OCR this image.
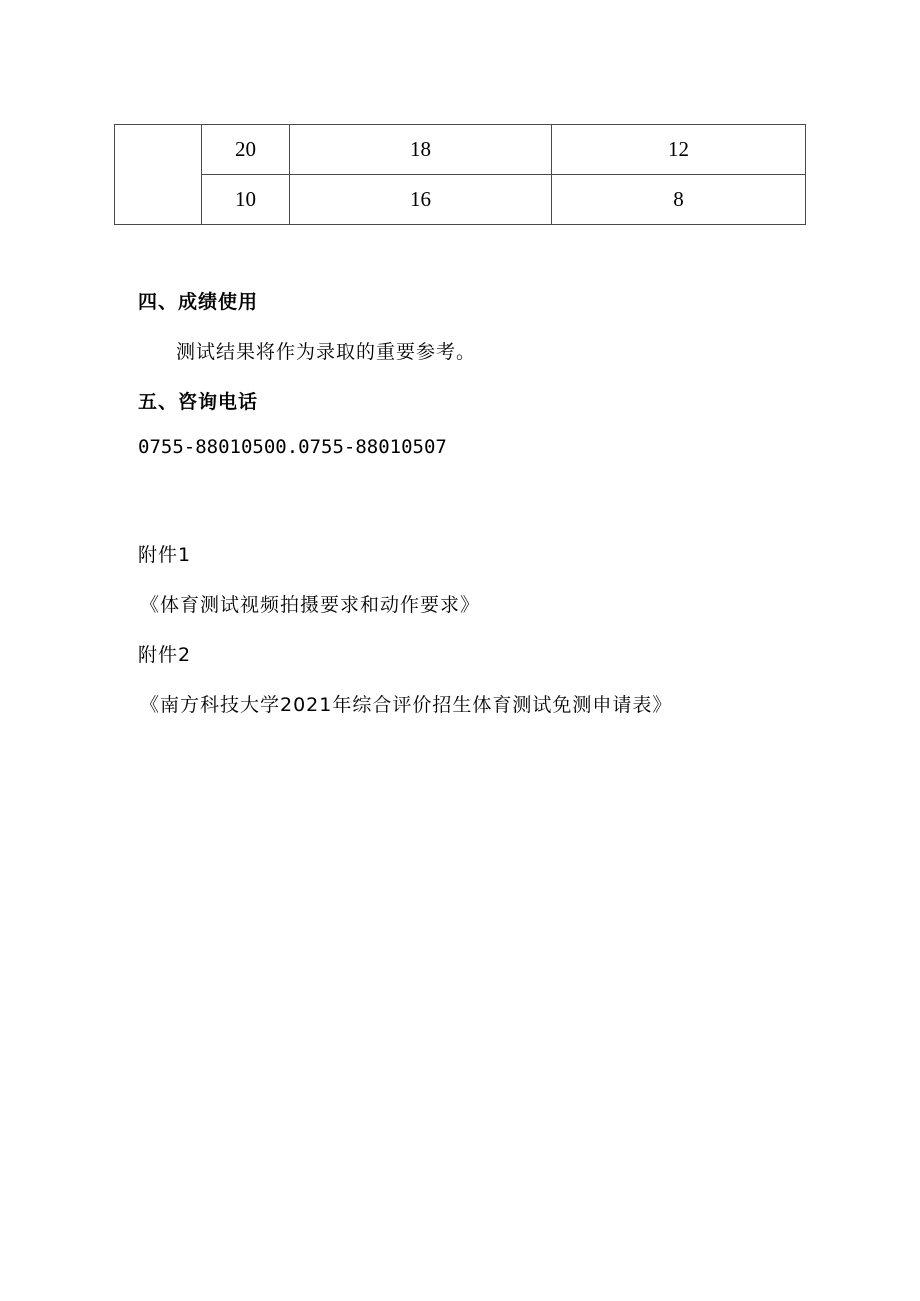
	20	18	12
	10	16	8
四、成绩使用
测试结果将作为录取的重要参考。
五、咨询电话
0755-88010500.0755-88010507
附件1
《体育测试视频拍摄要求和动作要求》
附件2
《南方科技大学2021年综合评价招生体育测试免测申请表》
